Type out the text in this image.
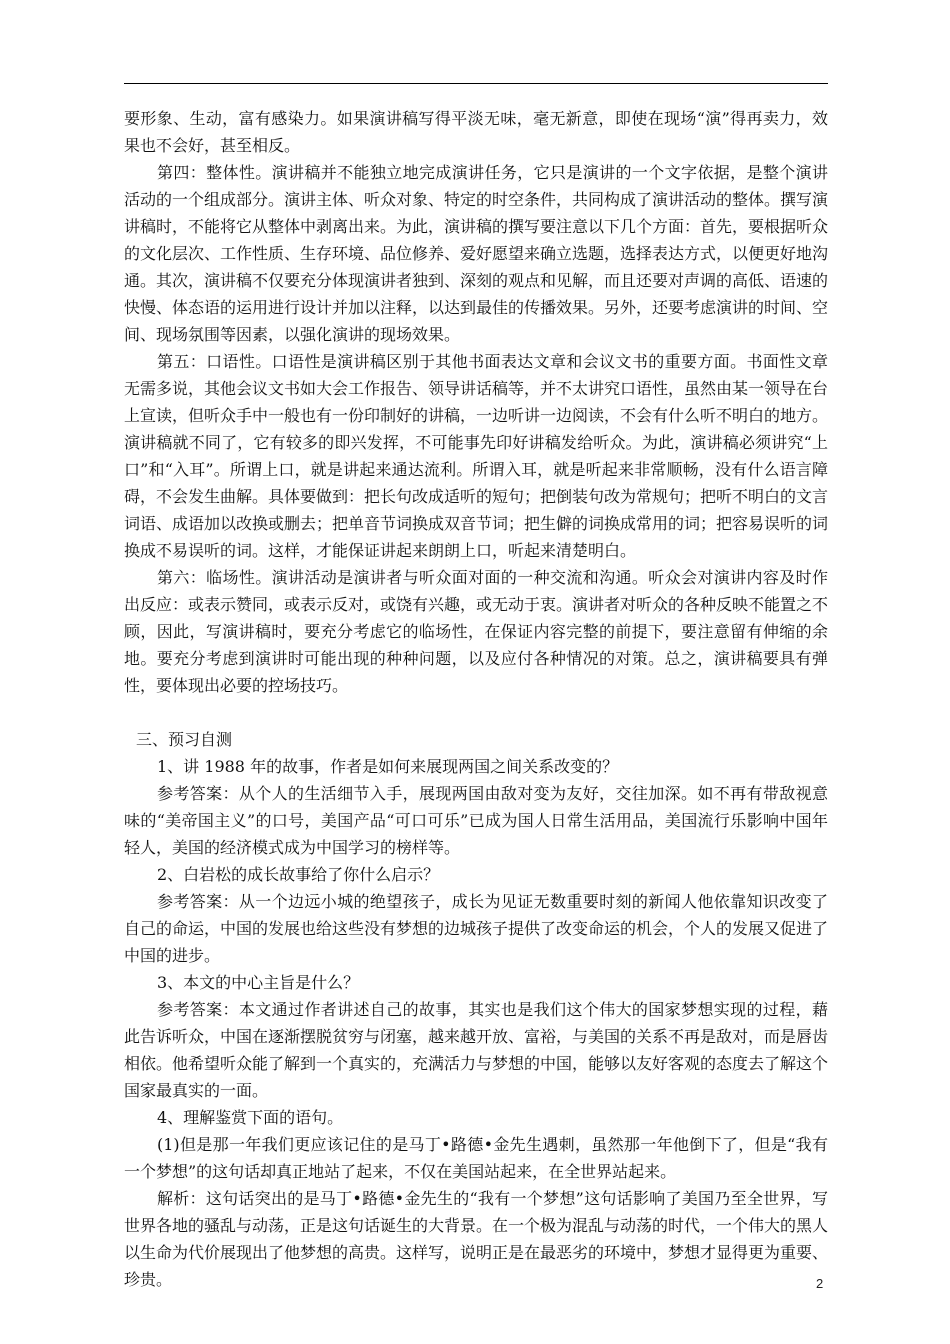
要形象、生动，富有感染力。如果演讲稿写得平淡无味，毫无新意，即使在现场“演”得再卖力，效果也不会好，甚至相反。

第四：整体性。演讲稿并不能独立地完成演讲任务，它只是演讲的一个文字依据，是整个演讲活动的一个组成部分。演讲主体、听众对象、特定的时空条件，共同构成了演讲活动的整体。撰写演讲稿时，不能将它从整体中剥离出来。为此，演讲稿的撰写要注意以下几个方面：首先，要根据听众的文化层次、工作性质、生存环境、品位修养、爱好愿望来确立选题，选择表达方式，以便更好地沟通。其次，演讲稿不仅要充分体现演讲者独到、深刻的观点和见解，而且还要对声调的高低、语速的快慢、体态语的运用进行设计并加以注释，以达到最佳的传播效果。另外，还要考虑演讲的时间、空间、现场氛围等因素，以强化演讲的现场效果。

第五：口语性。口语性是演讲稿区别于其他书面表达文章和会议文书的重要方面。书面性文章无需多说，其他会议文书如大会工作报告、领导讲话稿等，并不太讲究口语性，虽然由某一领导在台上宣读，但听众手中一般也有一份印制好的讲稿，一边听讲一边阅读，不会有什么听不明白的地方。演讲稿就不同了，它有较多的即兴发挥，不可能事先印好讲稿发给听众。为此，演讲稿必须讲究“上口”和“入耳”。所谓上口，就是讲起来通达流利。所谓入耳，就是听起来非常顺畅，没有什么语言障碍，不会发生曲解。具体要做到：把长句改成适听的短句；把倒装句改为常规句；把听不明白的文言词语、成语加以改换或删去；把单音节词换成双音节词；把生僻的词换成常用的词；把容易误听的词换成不易误听的词。这样，才能保证讲起来朗朗上口，听起来清楚明白。

第六：临场性。演讲活动是演讲者与听众面对面的一种交流和沟通。听众会对演讲内容及时作出反应：或表示赞同，或表示反对，或饶有兴趣，或无动于衷。演讲者对听众的各种反映不能置之不顾，因此，写演讲稿时，要充分考虑它的临场性，在保证内容完整的前提下，要注意留有伸缩的余地。要充分考虑到演讲时可能出现的种种问题，以及应付各种情况的对策。总之，演讲稿要具有弹性，要体现出必要的控场技巧。

三、预习自测

1、讲 1988 年的故事，作者是如何来展现两国之间关系改变的？

参考答案：从个人的生活细节入手，展现两国由敌对变为友好，交往加深。如不再有带敌视意味的“美帝国主义”的口号，美国产品“可口可乐”已成为国人日常生活用品，美国流行乐影响中国年轻人，美国的经济模式成为中国学习的榜样等。

2、白岩松的成长故事给了你什么启示？

参考答案：从一个边远小城的绝望孩子，成长为见证无数重要时刻的新闻人他依靠知识改变了自己的命运，中国的发展也给这些没有梦想的边城孩子提供了改变命运的机会，个人的发展又促进了中国的进步。

3、本文的中心主旨是什么？

参考答案：本文通过作者讲述自己的故事，其实也是我们这个伟大的国家梦想实现的过程，藉此告诉听众，中国在逐渐摆脱贫穷与闭塞，越来越开放、富裕，与美国的关系不再是敌对，而是唇齿相依。他希望听众能了解到一个真实的，充满活力与梦想的中国，能够以友好客观的态度去了解这个国家最真实的一面。

4、理解鉴赏下面的语句。

(1)但是那一年我们更应该记住的是马丁•路德•金先生遇刺，虽然那一年他倒下了，但是“我有一个梦想”的这句话却真正地站了起来，不仅在美国站起来，在全世界站起来。

解析：这句话突出的是马丁•路德•金先生的“我有一个梦想”这句话影响了美国乃至全世界，写世界各地的骚乱与动荡，正是这句话诞生的大背景。在一个极为混乱与动荡的时代，一个伟大的黑人以生命为代价展现出了他梦想的高贵。这样写，说明正是在最恶劣的环境中，梦想才显得更为重要、珍贵。	2
